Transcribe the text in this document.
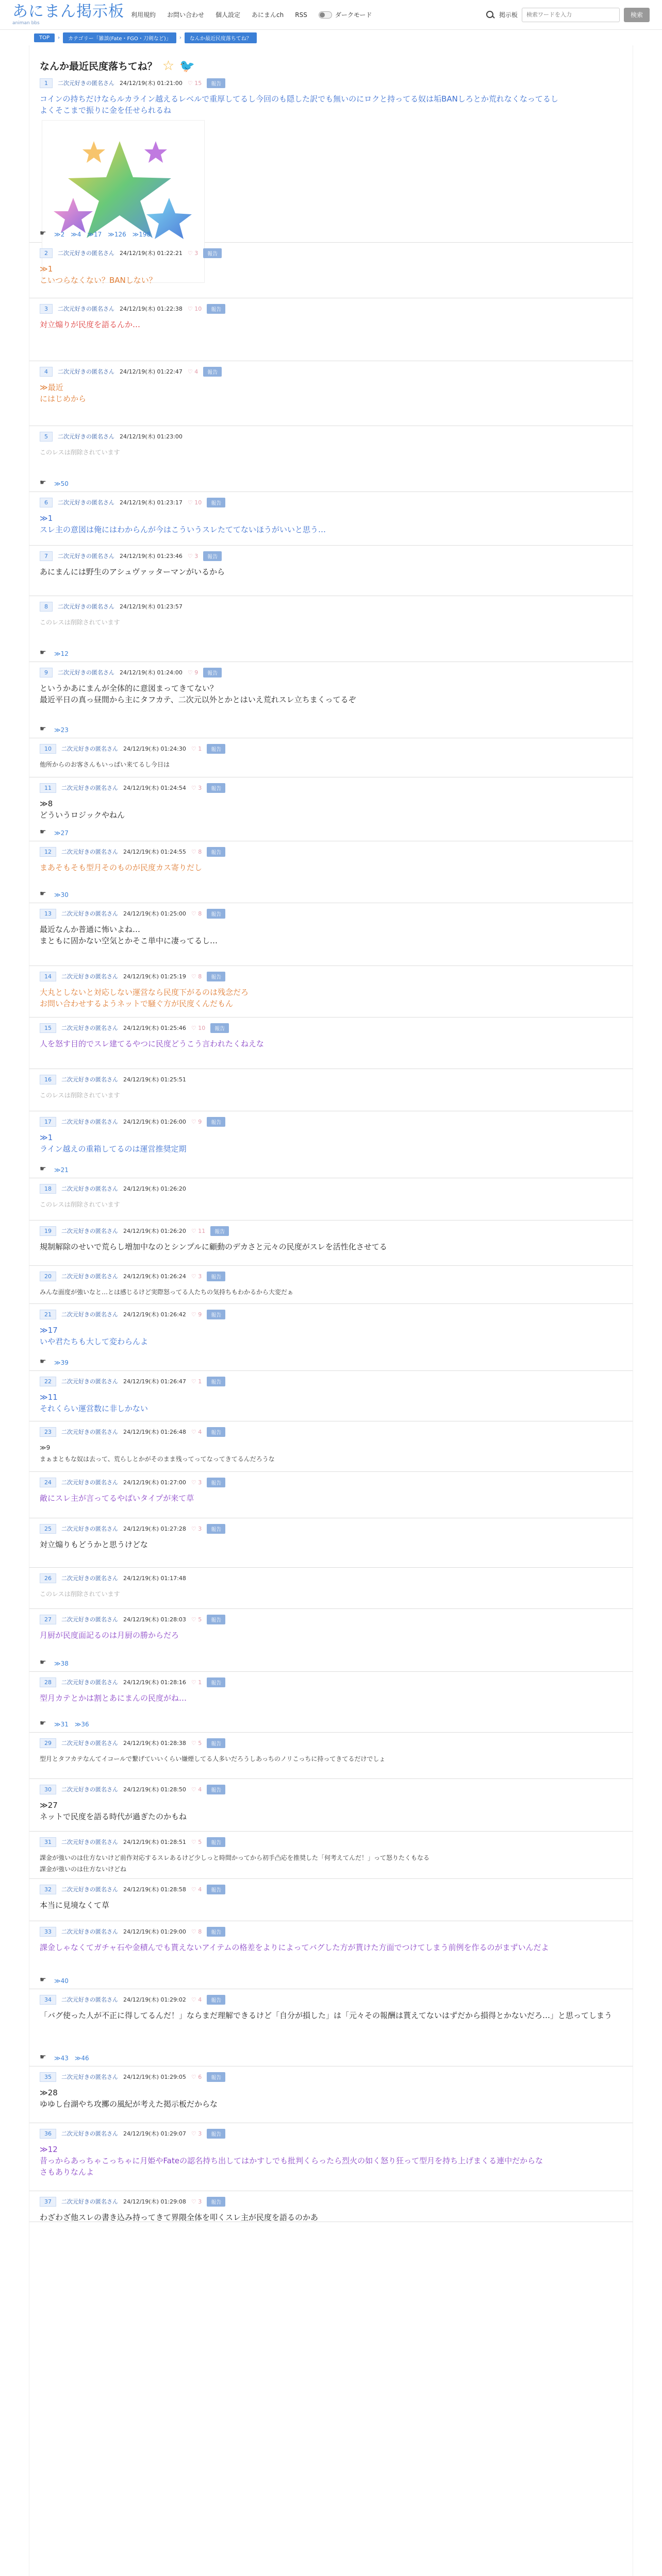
あにまん掲示板
animan bbs
利用規約 お問い合わせ 個人設定 あにまんch RSS	ダークモード	掲示板
検索ワードを入力	検索
TOP	›	カテゴリー「雑談(Fate・FGO・刀剣など)」	›	なんか最近民度落ちてね？
なんか最近民度落ちてね？ ☆ 🐦
1	二次元好きの匿名さん 24/12/19(木) 01:21:00 ♡ 15	報告
コインの持ちだけならルカライン越えるレベルで重厚してるし今回のも隠した訳でも無いのにロクと持ってる奴は垢BANしろとか荒れなくなってるし
よくそこまで振りに金を任せられるね
☛
≫2 ≫4 ≫17 ≫126 ≫198
2	二次元好きの匿名さん 24/12/19(木) 01:22:21 ♡ 3	報告
≫1
こいつらなくない？BANしない？
3	二次元好きの匿名さん 24/12/19(木) 01:22:38 ♡ 10	報告
対立煽りが民度を語るんか…
4	二次元好きの匿名さん 24/12/19(木) 01:22:47 ♡ 4	報告
≫最近
にはじめから
5	二次元好きの匿名さん 24/12/19(木) 01:23:00
このレスは削除されています
☛
≫50
6	二次元好きの匿名さん 24/12/19(木) 01:23:17 ♡ 10	報告
≫1
スレ主の意図は俺にはわからんが今はこういうスレたててないほうがいいと思う…
7	二次元好きの匿名さん 24/12/19(木) 01:23:46 ♡ 3	報告
あにまんには野生のアシュヴァッターマンがいるから
8	二次元好きの匿名さん 24/12/19(木) 01:23:57
このレスは削除されています
☛
≫12
9	二次元好きの匿名さん 24/12/19(木) 01:24:00 ♡ 9	報告
というかあにまんが全体的に意図まってきてない？
最近平日の真っ昼間から主にタフカテ、二次元以外とかとはいえ荒れスレ立ちまくってるぞ
☛
≫23
10	二次元好きの匿名さん 24/12/19(木) 01:24:30 ♡ 1	報告
他所からのお客さんもいっぱい来てるし今日は
11	二次元好きの匿名さん 24/12/19(木) 01:24:54 ♡ 3	報告
≫8
どういうロジックやねん
☛
≫27
12	二次元好きの匿名さん 24/12/19(木) 01:24:55 ♡ 8	報告
まあそもそも型月そのものが民度カス寄りだし
☛
≫30
13	二次元好きの匿名さん 24/12/19(木) 01:25:00 ♡ 8	報告
最近なんか普通に怖いよね…
まともに固かない空気とかそこ単中に凄ってるし…
14	二次元好きの匿名さん 24/12/19(木) 01:25:19 ♡ 8	報告
大丸としないと対応しない運営なら民度下がるのは残念だろ
お問い合わせするようネットで騒ぐ方が民度くんだもん
15	二次元好きの匿名さん 24/12/19(木) 01:25:46 ♡ 10	報告
人を怒す目的でスレ建てるやつに民度どうこう言われたくねえな
16	二次元好きの匿名さん 24/12/19(木) 01:25:51
このレスは削除されています
17	二次元好きの匿名さん 24/12/19(木) 01:26:00 ♡ 9	報告
≫1
ライン越えの重箱してるのは運営推奨定期
☛
≫21
18	二次元好きの匿名さん 24/12/19(木) 01:26:20
このレスは削除されています
19	二次元好きの匿名さん 24/12/19(木) 01:26:20 ♡ 11	報告
規制解除のせいで荒らし増加中なのとシンプルに顧動のデカさと元々の民度がスレを活性化させてる
20	二次元好きの匿名さん 24/12/19(木) 01:26:24 ♡ 3	報告
みんな面度が強いなと…とは感じるけど実際怒ってる人たちの気持ちもわかるから大変だぁ
21	二次元好きの匿名さん 24/12/19(木) 01:26:42 ♡ 9	報告
≫17
いや君たちも大して変わらんよ
☛
≫39
22	二次元好きの匿名さん 24/12/19(木) 01:26:47 ♡ 1	報告
≫11
それくらい運営数に非しかない
23	二次元好きの匿名さん 24/12/19(木) 01:26:48 ♡ 4	報告
≫9
まぁまともな奴は去って、荒らしとかがそのまま残ってってなってきてるんだろうな
24	二次元好きの匿名さん 24/12/19(木) 01:27:00 ♡ 3	報告
敵にスレ主が言ってるやばいタイプが来て草
25	二次元好きの匿名さん 24/12/19(木) 01:27:28 ♡ 3	報告
対立煽りもどうかと思うけどな
26	二次元好きの匿名さん 24/12/19(木) 01:17:48
このレスは削除されています
27	二次元好きの匿名さん 24/12/19(木) 01:28:03 ♡ 5	報告
月厨が民度面記るのは月厨の勝からだろ
☛
≫38
28	二次元好きの匿名さん 24/12/19(木) 01:28:16 ♡ 1	報告
型月カテとかは割とあにまんの民度がね…
☛
≫31 ≫36
29	二次元好きの匿名さん 24/12/19(木) 01:28:38 ♡ 5	報告
型月とタフカテなんてイコールで繋げていいくらい嫌煙してる人多いだろうしあっちのノリこっちに持ってきてるだけでしょ
30	二次元好きの匿名さん 24/12/19(木) 01:28:50 ♡ 4	報告
≫27
ネットで民度を語る時代が過ぎたのかもね
31	二次元好きの匿名さん 24/12/19(木) 01:28:51 ♡ 5	報告
課金が強いのは仕方ないけど前作対応するスレあるけど少しっと時間かってから初手凸応を推奨した「何考えてんだ！」って怒りたくもなる
課金が強いのは仕方ないけどね
32	二次元好きの匿名さん 24/12/19(木) 01:28:58 ♡ 4	報告
本当に見境なくて草
33	二次元好きの匿名さん 24/12/19(木) 01:29:00 ♡ 8	報告
課金しゃなくてガチャ石や金積んでも貰えないアイテムの格差をよりによってバグした方が貰けた方面でつけてしまう前例を作るのがまずいんだよ
☛
≫40
34	二次元好きの匿名さん 24/12/19(木) 01:29:02 ♡ 4	報告
「バグ使った人が不正に得してるんだ！」ならまだ理解できるけど「自分が損した」は「元々その報酬は貰えてないはずだから損得とかないだろ…」と思ってしまう
☛
≫43 ≫46
35	二次元好きの匿名さん 24/12/19(木) 01:29:05 ♡ 6	報告
≫28
ゆゆし台湖やち攻擲の風紀が考えた掲示板だからな
36	二次元好きの匿名さん 24/12/19(木) 01:29:07 ♡ 3	報告
≫12
昔っからあっちゃこっちゃに月姫やFateの認名持ち出してはかすしでも批判くらったら烈火の如く怒り狂って型月を持ち上げまくる連中だからな
さもありなんよ
37	二次元好きの匿名さん 24/12/19(木) 01:29:08 ♡ 3	報告
わざわざ他スレの書き込み持ってきて界隈全体を叩くスレ主が民度を語るのかあ
